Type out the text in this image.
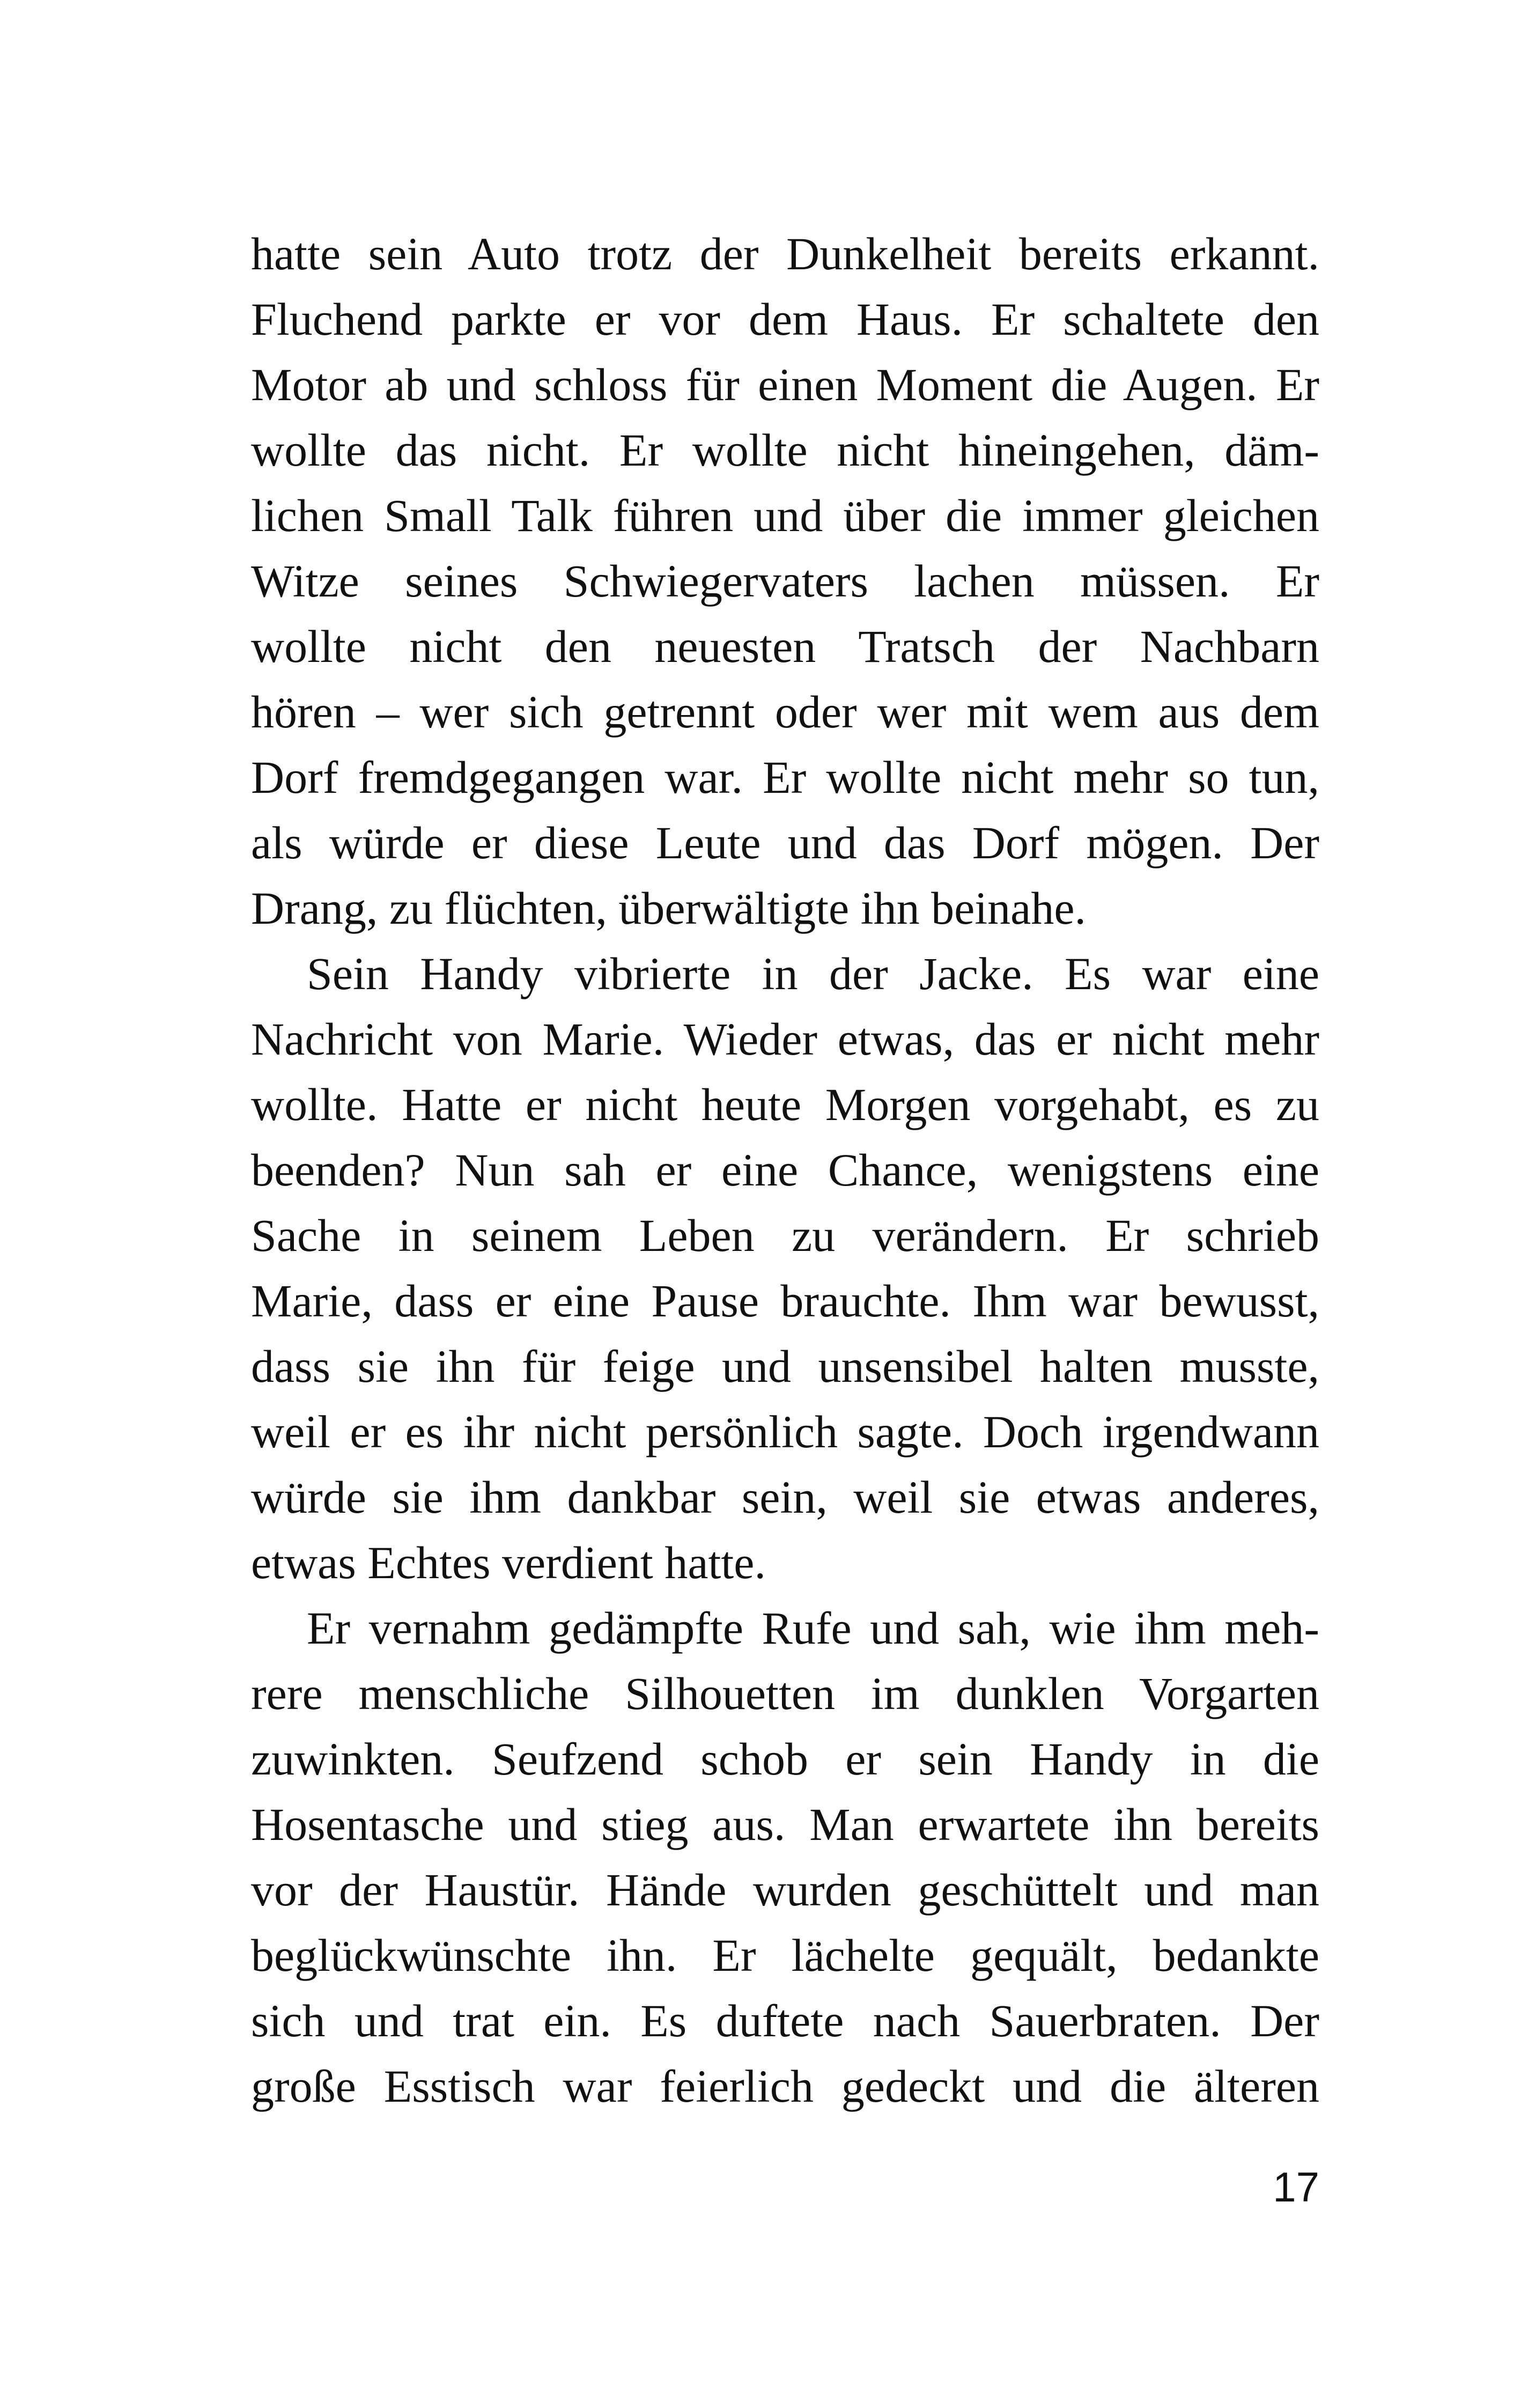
hatte sein Auto trotz der Dunkelheit bereits erkannt.
Fluchend parkte er vor dem Haus. Er schaltete den
Motor ab und schloss für einen Moment die Augen. Er
wollte das nicht. Er wollte nicht hineingehen, däm-
lichen Small Talk führen und über die immer gleichen
Witze seines Schwiegervaters lachen müssen. Er
wollte nicht den neuesten Tratsch der Nachbarn
hören – wer sich getrennt oder wer mit wem aus dem
Dorf fremdgegangen war. Er wollte nicht mehr so tun,
als würde er diese Leute und das Dorf mögen. Der
Drang, zu flüchten, überwältigte ihn beinahe.
Sein Handy vibrierte in der Jacke. Es war eine
Nachricht von Marie. Wieder etwas, das er nicht mehr
wollte. Hatte er nicht heute Morgen vorgehabt, es zu
beenden? Nun sah er eine Chance, wenigstens eine
Sache in seinem Leben zu verändern. Er schrieb
Marie, dass er eine Pause brauchte. Ihm war bewusst,
dass sie ihn für feige und unsensibel halten musste,
weil er es ihr nicht persönlich sagte. Doch irgendwann
würde sie ihm dankbar sein, weil sie etwas anderes,
etwas Echtes verdient hatte.
Er vernahm gedämpfte Rufe und sah, wie ihm meh-
rere menschliche Silhouetten im dunklen Vorgarten
zuwinkten. Seufzend schob er sein Handy in die
Hosentasche und stieg aus. Man erwartete ihn bereits
vor der Haustür. Hände wurden geschüttelt und man
beglückwünschte ihn. Er lächelte gequält, bedankte
sich und trat ein. Es duftete nach Sauerbraten. Der
große Esstisch war feierlich gedeckt und die älteren
17
